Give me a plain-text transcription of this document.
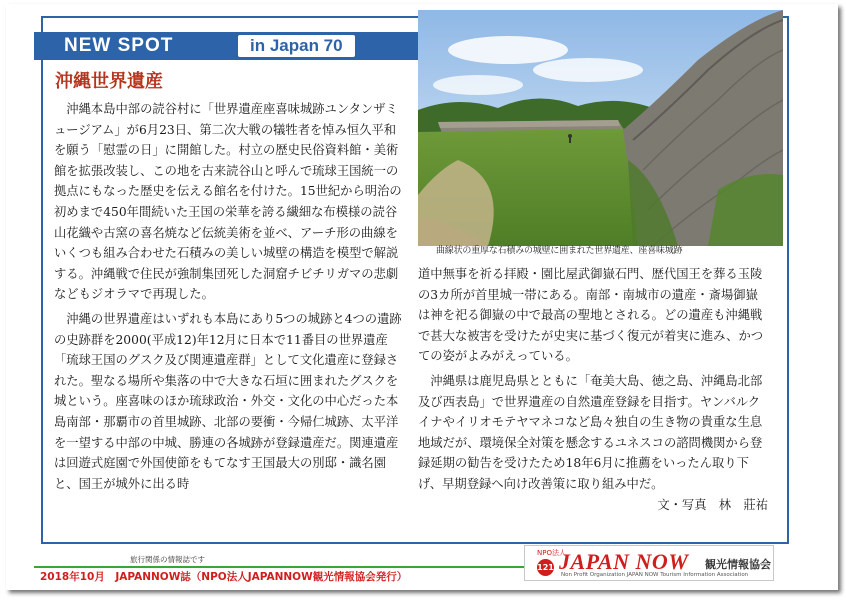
NEW SPOT	in Japan 70
沖縄世界遺産

沖縄本島中部の読谷村に「世界遺産座喜味城跡ユンタンザミュージアム」が6月23日、第二次大戦の犠牲者を悼み恒久平和を願う「慰霊の日」に開館した。村立の歴史民俗資料館・美術館を拡張改装し、この地を古来読谷山と呼んで琉球王国統一の拠点にもなった歴史を伝える館名を付けた。15世紀から明治の初めまで450年間続いた王国の栄華を誇る繊細な布模様の読谷山花織や古窯の喜名焼など伝統美術を並べ、アーチ形の曲線をいくつも組み合わせた石積みの美しい城壁の構造を模型で解説する。沖縄戦で住民が強制集団死した洞窟チビチリガマの悲劇などもジオラマで再現した。

沖縄の世界遺産はいずれも本島にあり5つの城跡と4つの遺跡の史跡群を2000(平成12)年12月に日本で11番目の世界遺産「琉球王国のグスク及び関連遺産群」として文化遺産に登録された。聖なる場所や集落の中で大きな石垣に囲まれたグスクを城という。座喜味のほか琉球政治・外交・文化の中心だった本島南部・那覇市の首里城跡、北部の要衝・今帰仁城跡、太平洋を一望する中部の中城、勝連の各城跡が登録遺産だ。関連遺産は回遊式庭園で外国使節をもてなす王国最大の別邸・識名園と、国王が城外に出る時

曲線状の重厚な石積みの城壁に囲まれた世界遺産、座喜味城跡

道中無事を祈る拝殿・園比屋武御嶽石門、歴代国王を葬る玉陵の3カ所が首里城一帯にある。南部・南城市の遺産・斎場御嶽は神を祀る御嶽の中で最高の聖地とされる。どの遺産も沖縄戦で甚大な被害を受けたが史実に基づく復元が着実に進み、かつての姿がよみがえっている。

沖縄県は鹿児島県とともに「奄美大島、徳之島、沖縄島北部及び西表島」で世界遺産の自然遺産登録を目指す。ヤンバルクイナやイリオモテヤマネコなど島々独自の生き物の貴重な生息地域だが、環境保全対策を懸念するユネスコの諮問機関から登録延期の勧告を受けたため18年6月に推薦をいったん取り下げ、早期登録へ向け改善策に取り組み中だ。

文・写真　林　莊祐
旅行関係の情報誌です
2018年10月　JAPANNOW誌（NPO法人JAPANNOW観光情報協会発行）
NPO法人
121 JAPAN NOW
Non Profit Organization JAPAN NOW Tourism Information Association
観光情報協会
